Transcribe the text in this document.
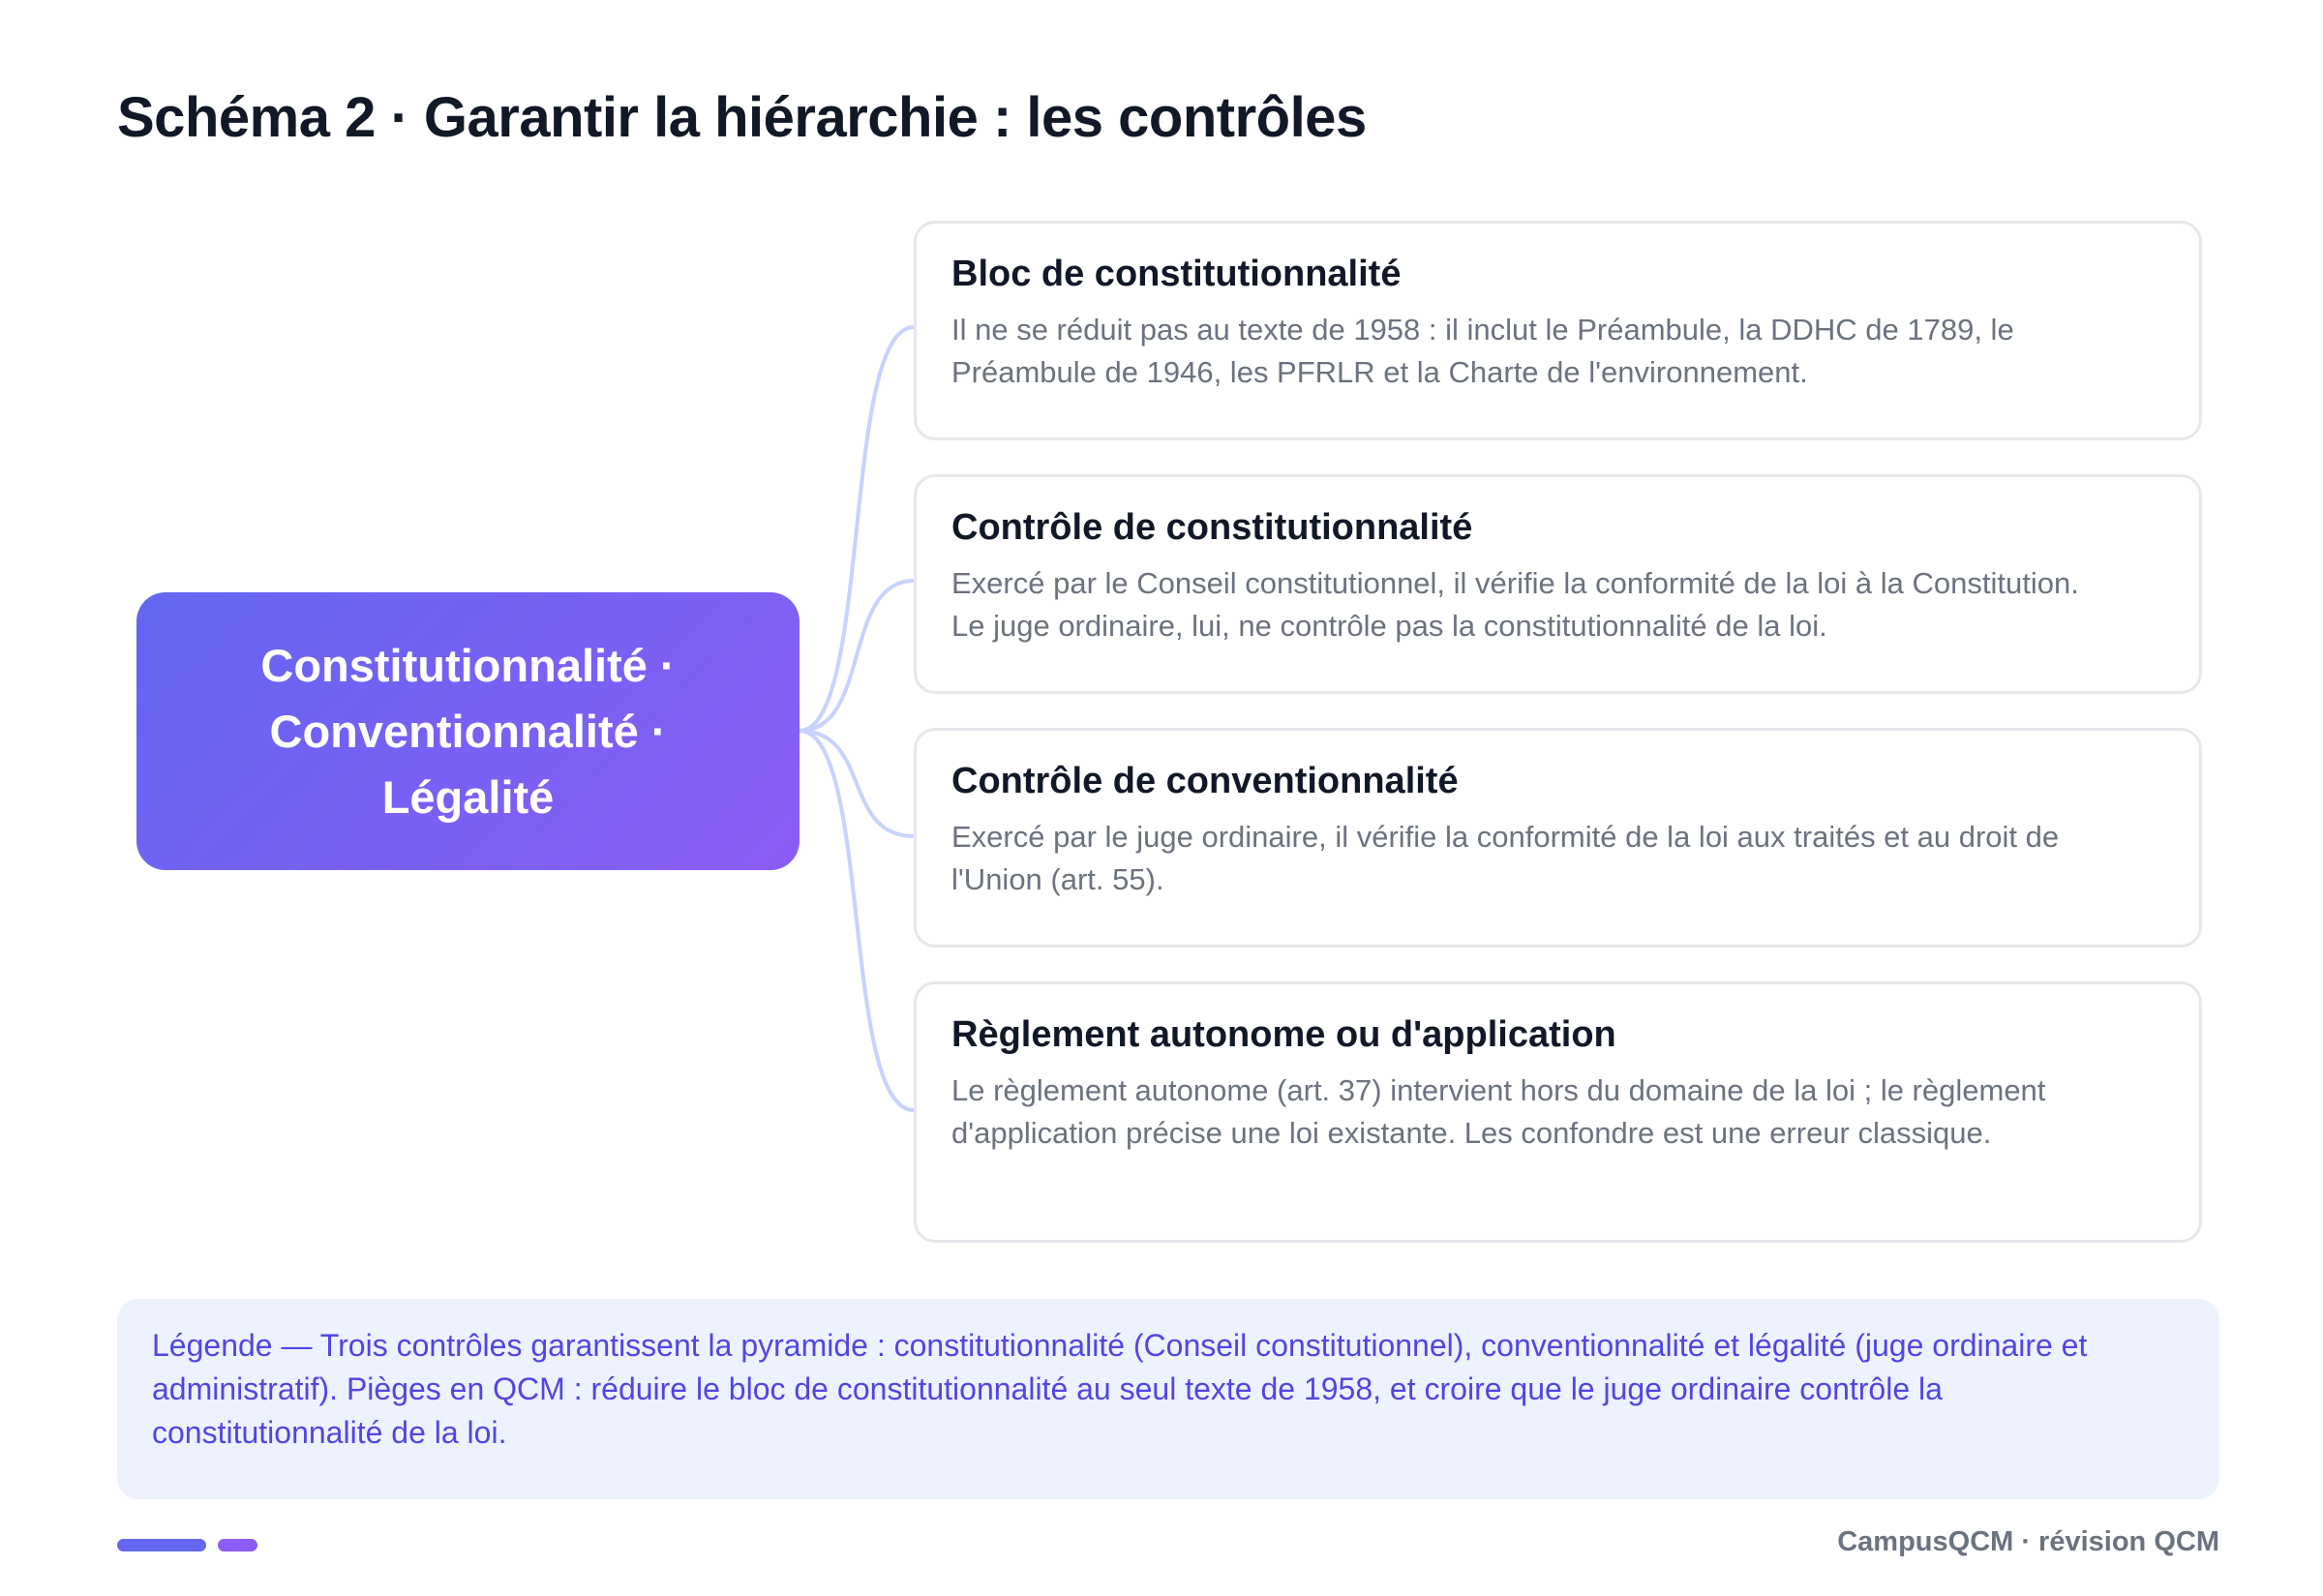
Schéma 2 · Garantir la hiérarchie : les contrôles
Constitutionnalité · Conventionnalité · Légalité
Bloc de constitutionnalité
Il ne se réduit pas au texte de 1958 : il inclut le Préambule, la DDHC de 1789, le Préambule de 1946, les PFRLR et la Charte de l'environnement.
Contrôle de constitutionnalité
Exercé par le Conseil constitutionnel, il vérifie la conformité de la loi à la Constitution. Le juge ordinaire, lui, ne contrôle pas la constitutionnalité de la loi.
Contrôle de conventionnalité
Exercé par le juge ordinaire, il vérifie la conformité de la loi aux traités et au droit de l'Union (art. 55).
Règlement autonome ou d'application
Le règlement autonome (art. 37) intervient hors du domaine de la loi ; le règlement d'application précise une loi existante. Les confondre est une erreur classique.
Légende — Trois contrôles garantissent la pyramide : constitutionnalité (Conseil constitutionnel), conventionnalité et légalité (juge ordinaire et administratif). Pièges en QCM : réduire le bloc de constitutionnalité au seul texte de 1958, et croire que le juge ordinaire contrôle la constitutionnalité de la loi.
CampusQCM · révision QCM
